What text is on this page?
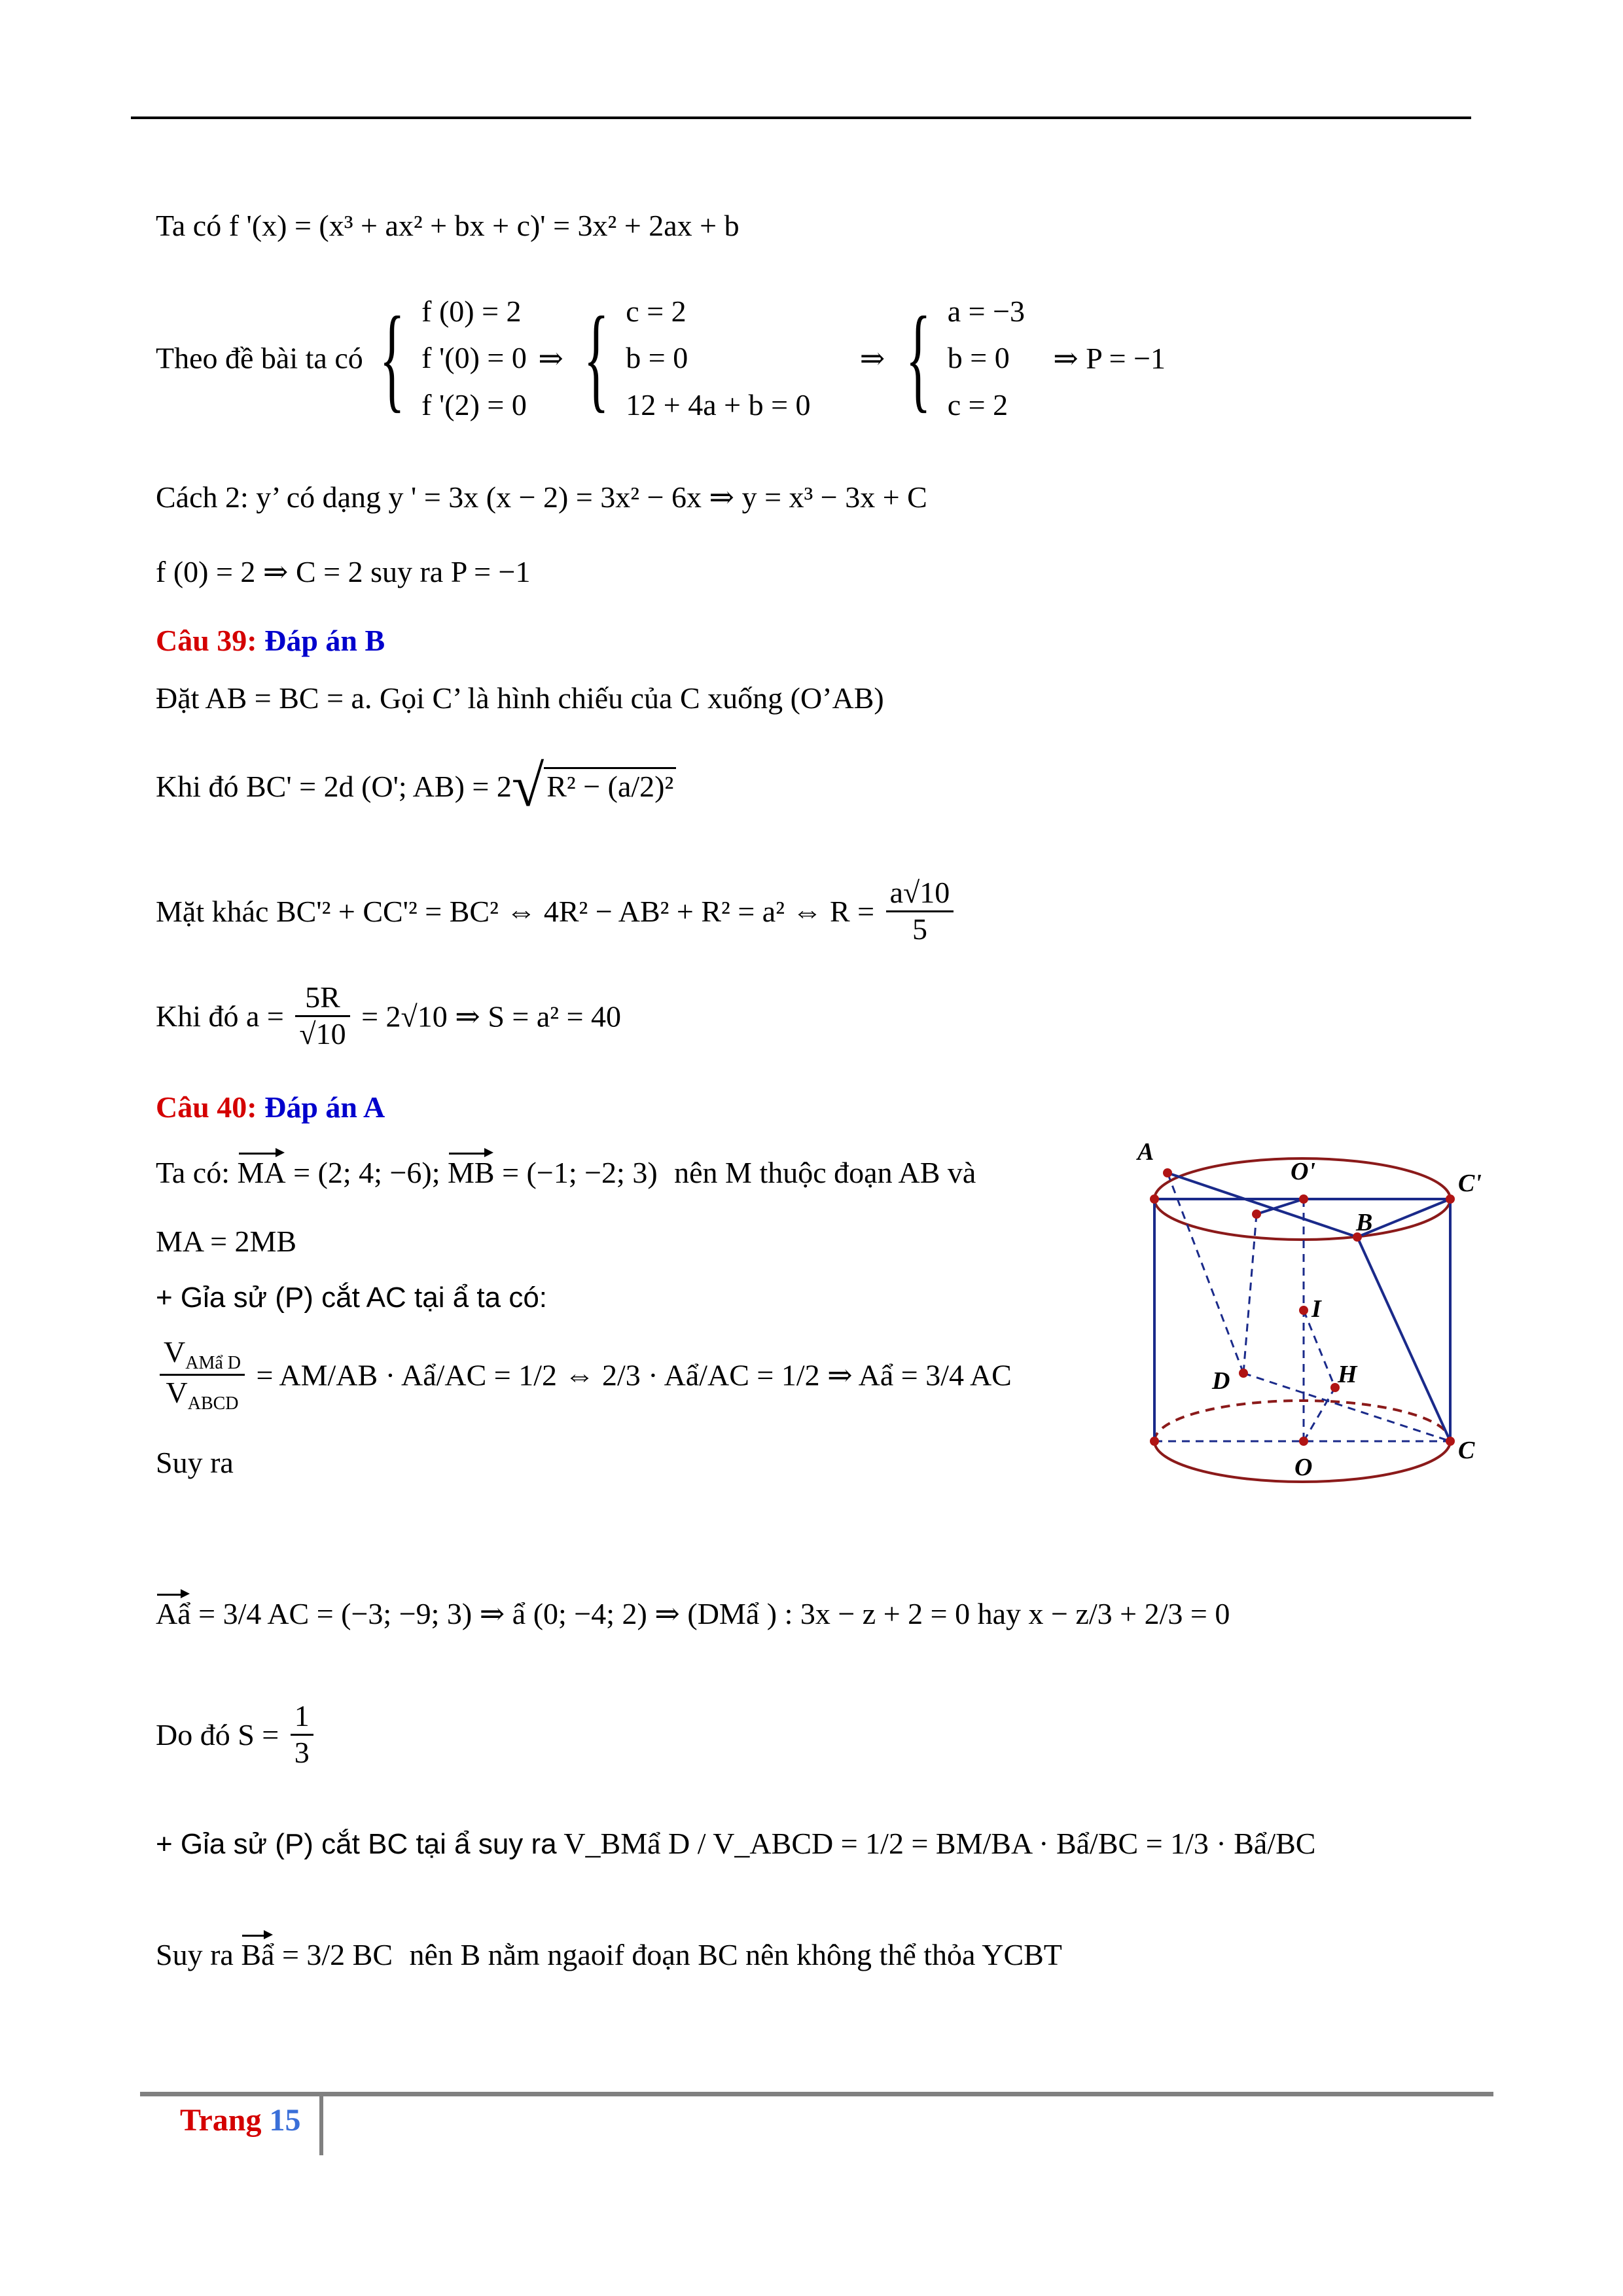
Ta có f '(x) = (x³ + ax² + bx + c)' = 3x² + 2ax + b
Theo đề bài ta có { f (0) = 2
f '(0) = 0
f '(2) = 0
⇒ { c = 2
b = 0
12 + 4a + b = 0
⇒ { a = −3
b = 0
c = 2
⇒ P = −1
Cách 2: y’ có dạng y ' = 3x (x − 2) = 3x² − 6x ⇒ y = x³ − 3x + C
f (0) = 2 ⇒ C = 2 suy ra P = −1
Câu 39: Đáp án B
Đặt AB = BC = a. Gọi C’ là hình chiếu của C xuống (O’AB)
Khi đó BC' = 2d (O'; AB) = 2√R² − (a/2)²
Mặt khác BC'² + CC'² = BC² ⇔ 4R² − AB² + R² = a² ⇔ $R = \frac{a√10}{5}$
Khi đó $a = \frac{5R}{√10} = 2√10$ ⇒ S = a² = 40
Câu 40: Đáp án A
Ta có: MA = (2; 4; −6); MB = (−1; −2; 3) nên M thuộc đoạn AB và
MA = 2MB
+ Gỉa sử (P) cắt AC tại ẩ ta có:
$\frac{V_{AMẩ D}}{V_{ABCD}} = AM/AB$ · Aẩ/AC = 1/2 ⇔ 2/3 · Aẩ/AC = 1/2 ⇒ Aẩ = 3/4 AC
Suy ra
Aẩ = 3/4 AC = (−3; −9; 3) ⇒ ẩ (0; −4; 2) ⇒ (DMẩ ) : 3x − z + 2 = 0 hay x − z/3 + 2/3 = 0
Do đó $S = \frac{1}{3}$
+ Gỉa sử (P) cắt BC tại ẩ suy ra V_BMẩ D / V_ABCD = 1/2 = BM/BA · Bẩ/BC = 1/3 · Bẩ/BC
Suy ra Bẩ = 3/2 BC nên B nằm ngaoif đoạn BC nên không thể thỏa YCBT
A
O'	C'
B
I
D	H
O
C
Trang 15
